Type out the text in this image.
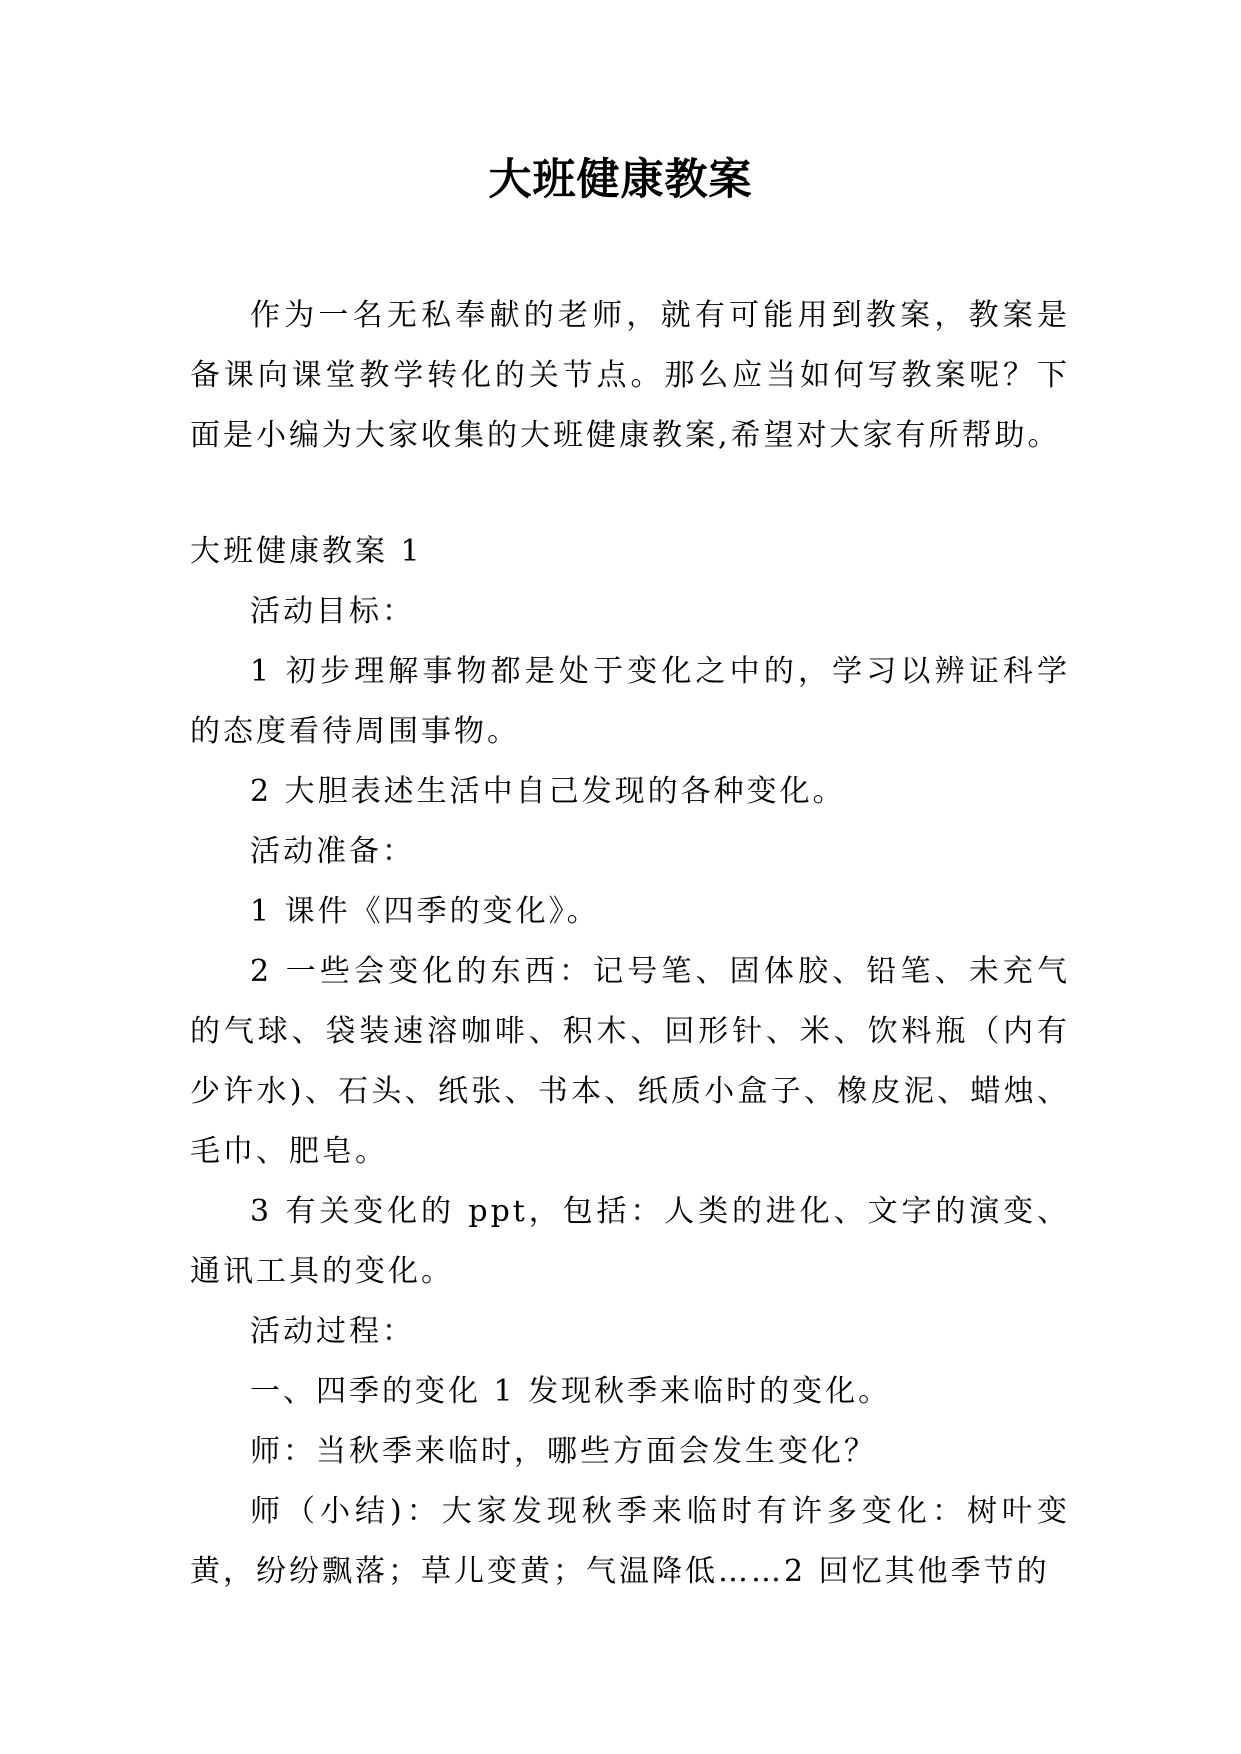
大班健康教案

作为一名无私奉献的老师，就有可能用到教案，教案是备课向课堂教学转化的关节点。那么应当如何写教案呢？下面是小编为大家收集的大班健康教案,希望对大家有所帮助。

大班健康教案 1

活动目标：

1 初步理解事物都是处于变化之中的，学习以辨证科学的态度看待周围事物。

2 大胆表述生活中自己发现的各种变化。

活动准备：

1 课件《四季的变化》。

2 一些会变化的东西：记号笔、固体胶、铅笔、未充气的气球、袋装速溶咖啡、积木、回形针、米、饮料瓶（内有少许水)、石头、纸张、书本、纸质小盒子、橡皮泥、蜡烛、毛巾、肥皂。

3 有关变化的 ppt，包括：人类的进化、文字的演变、通讯工具的变化。

活动过程：

一、四季的变化 1 发现秋季来临时的变化。

师：当秋季来临时，哪些方面会发生变化？

师（小结)：大家发现秋季来临时有许多变化：树叶变黄，纷纷飘落；草儿变黄；气温降低……2 回忆其他季节的
